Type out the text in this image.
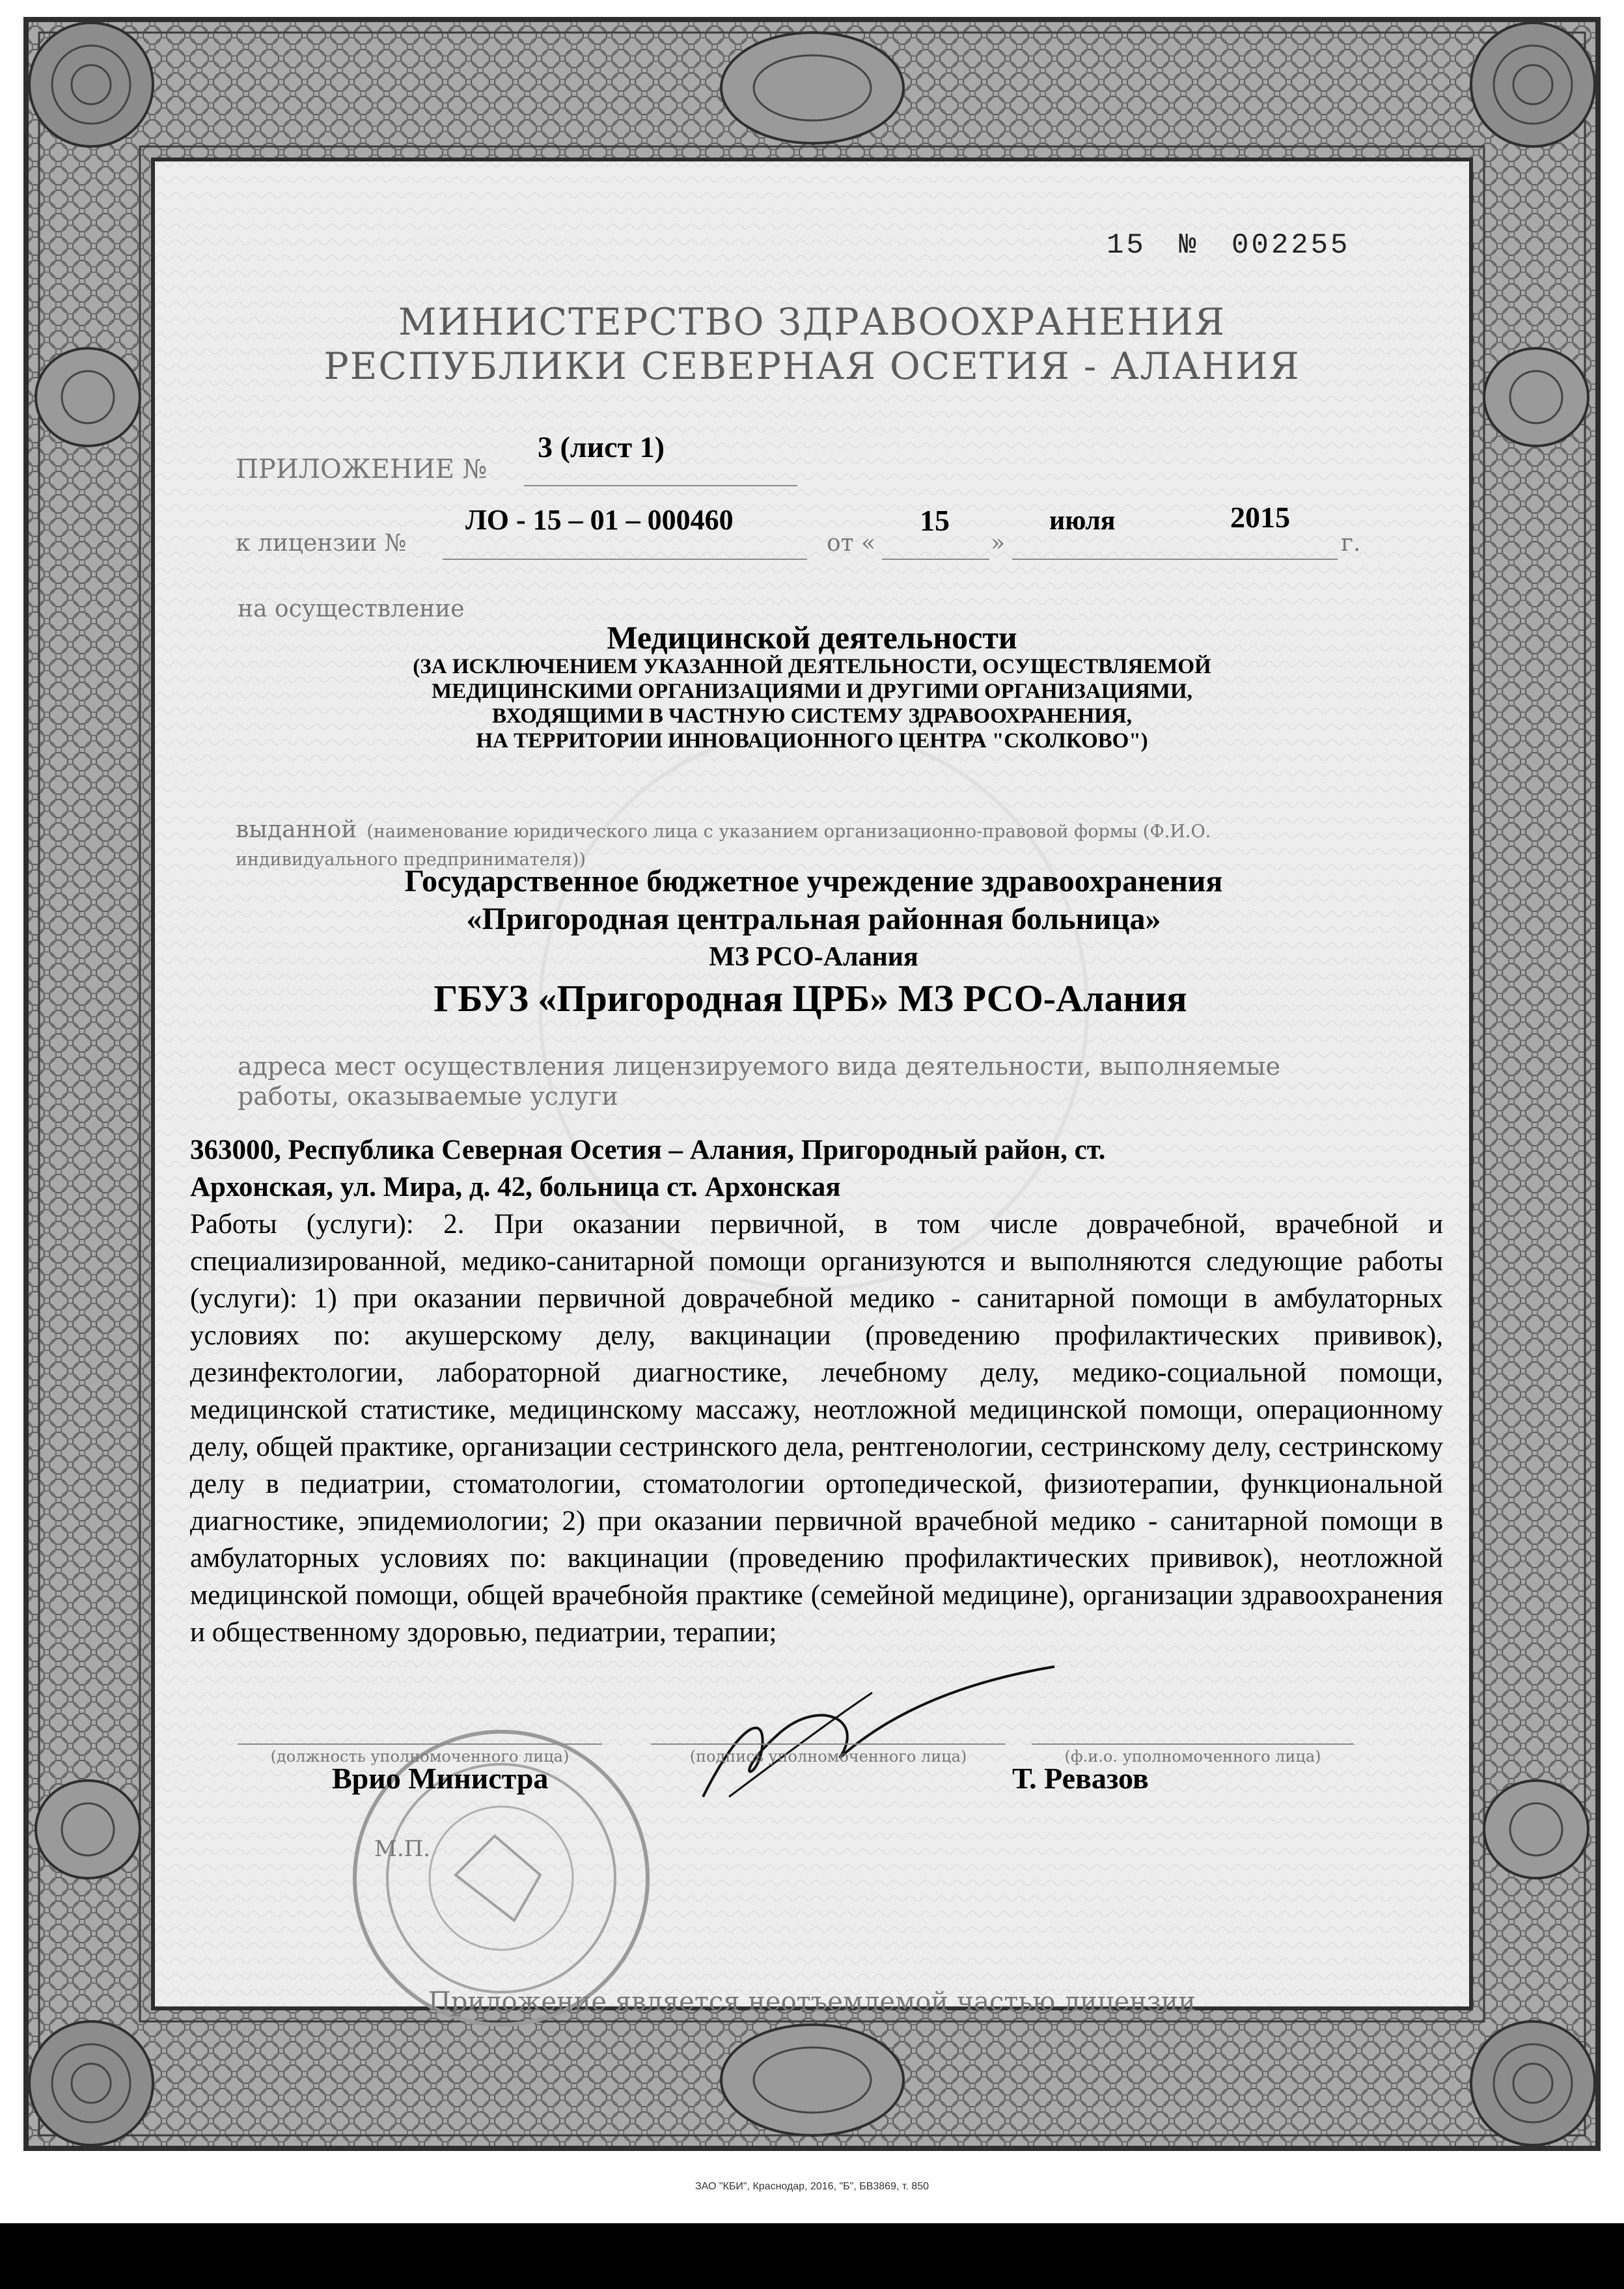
15 № 002255
МИНИСТЕРСТВО ЗДРАВООХРАНЕНИЯ
РЕСПУБЛИКИ СЕВЕРНАЯ ОСЕТИЯ - АЛАНИЯ
ПРИЛОЖЕНИЕ №
3 (лист 1)
к лицензии №
ЛО - 15 – 01 – 000460
от «
15
»
июля	2015
г.
на осуществление
Медицинской деятельности
(ЗА ИСКЛЮЧЕНИЕМ УКАЗАННОЙ ДЕЯТЕЛЬНОСТИ, ОСУЩЕСТВЛЯЕМОЙ
МЕДИЦИНСКИМИ ОРГАНИЗАЦИЯМИ И ДРУГИМИ ОРГАНИЗАЦИЯМИ,
ВХОДЯЩИМИ В ЧАСТНУЮ СИСТЕМУ ЗДРАВООХРАНЕНИЯ,
НА ТЕРРИТОРИИ ИННОВАЦИОННОГО ЦЕНТРА "СКОЛКОВО")
выданной (наименование юридического лица с указанием организационно-правовой формы (Ф.И.О.
индивидуального предпринимателя))
Государственное бюджетное учреждение здравоохранения
«Пригородная центральная районная больница»
МЗ РСО-Алания
ГБУЗ «Пригородная ЦРБ» МЗ РСО-Алания
адреса мест осуществления лицензируемого вида деятельности, выполняемые
работы, оказываемые услуги
363000, Республика Северная Осетия – Алания, Пригородный район, ст.
Архонская, ул. Мира, д. 42, больница ст. Архонская
Работы (услуги): 2. При оказании первичной, в том числе доврачебной, врачебной и специализированной, медико-санитарной помощи организуются и выполняются следующие работы (услуги): 1) при оказании первичной доврачебной медико - санитарной помощи в амбулаторных условиях по: акушерскому делу, вакцинации (проведению профилактических прививок), дезинфектологии, лабораторной диагностике, лечебному делу, медико-социальной помощи, медицинской статистике, медицинскому массажу, неотложной медицинской помощи, операционному делу, общей практике, организации сестринского дела, рентгенологии, сестринскому делу, сестринскому делу в педиатрии, стоматологии, стоматологии ортопедической, физиотерапии, функциональной диагностике, эпидемиологии; 2) при оказании первичной врачебной медико - санитарной помощи в амбулаторных условиях по: вакцинации (проведению профилактических прививок), неотложной медицинской помощи, общей врачебнойя практике (семейной медицине), организации здравоохранения и общественному здоровью, педиатрии, терапии;
(должность уполномоченного лица)
Врио Министра
(подпись уполномоченного лица)	(ф.и.о. уполномоченного лица)
Т. Ревазов
М.П.
Приложение является неотъемлемой частью лицензии
ЗАО "КБИ", Краснодар, 2016, "Б", БВ3869, т. 850
